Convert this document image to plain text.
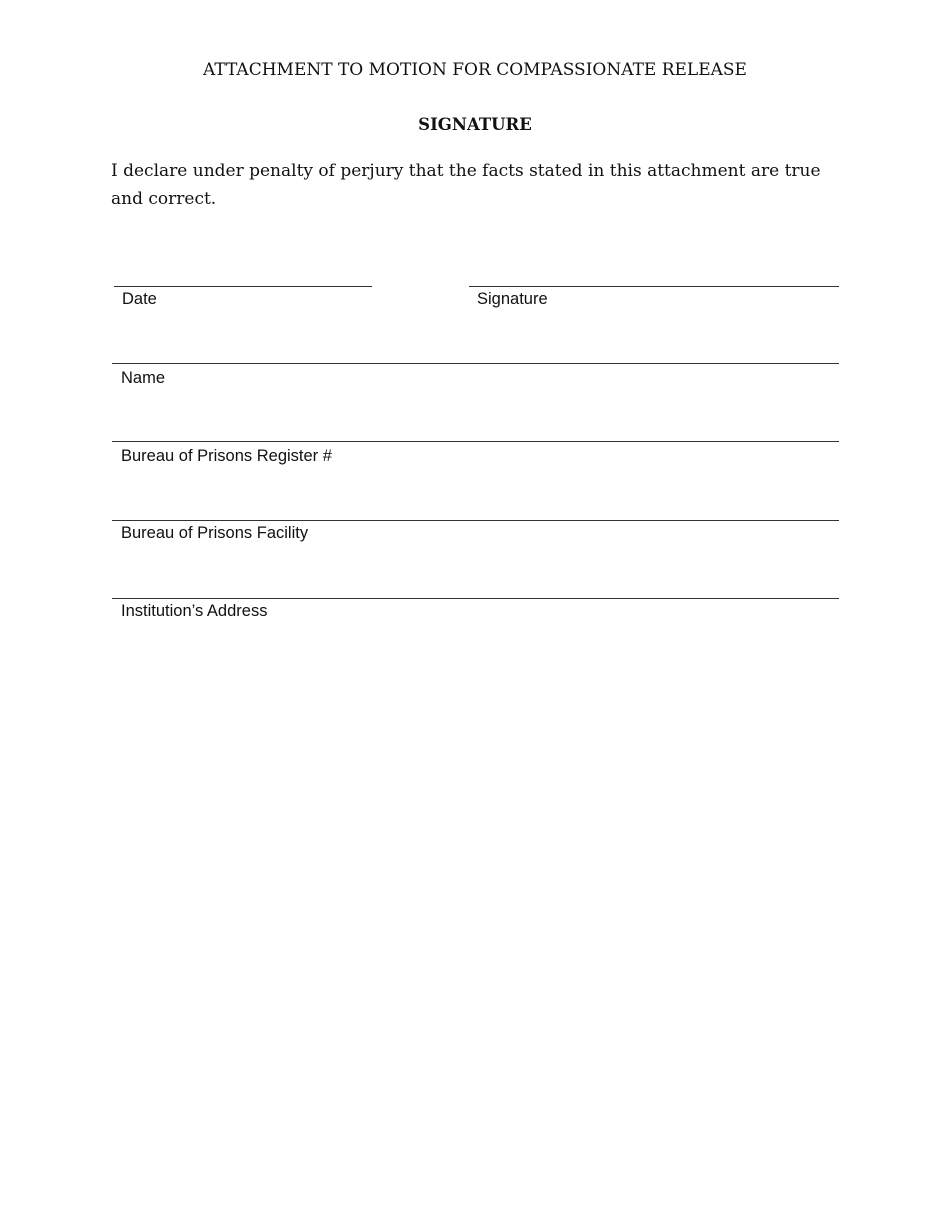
ATTACHMENT TO MOTION FOR COMPASSIONATE RELEASE
SIGNATURE
I declare under penalty of perjury that the facts stated in this attachment are true and correct.
Date	Signature
Name
Bureau of Prisons Register #
Bureau of Prisons Facility
Institution’s Address
